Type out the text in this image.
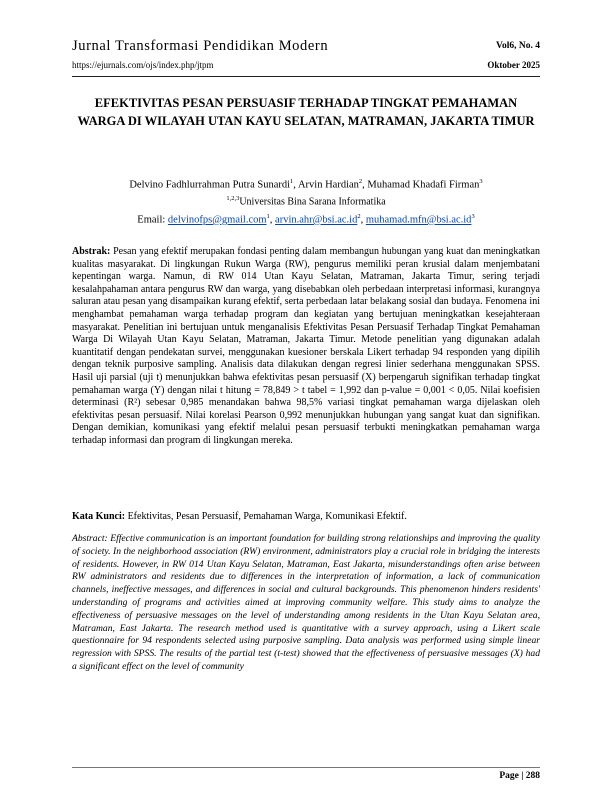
Jurnal Transformasi Pendidikan Modern	Vol6, No. 4
https://ejurnals.com/ojs/index.php/jtpm	Oktober 2025
EFEKTIVITAS PESAN PERSUASIF TERHADAP TINGKAT PEMAHAMAN WARGA DI WILAYAH UTAN KAYU SELATAN, MATRAMAN, JAKARTA TIMUR
Delvino Fadhlurrahman Putra Sunardi$^1$, Arvin Hardian$^2$, Muhamad Khadafi Firman$^3$
$^{1,2,3}$Universitas Bina Sarana Informatika
Email: delvinofps@gmail.com$^1$, $arvin.ahr@bsi.ac.id^2$, $muhamad.mfn@bsi.ac.id^3$
Abstrak: Pesan yang efektif merupakan fondasi penting dalam membangun hubungan yang kuat dan meningkatkan kualitas masyarakat. Di lingkungan Rukun Warga (RW), pengurus memiliki peran krusial dalam menjembatani kepentingan warga. Namun, di RW 014 Utan Kayu Selatan, Matraman, Jakarta Timur, sering terjadi kesalahpahaman antara pengurus RW dan warga, yang disebabkan oleh perbedaan interpretasi informasi, kurangnya saluran atau pesan yang disampaikan kurang efektif, serta perbedaan latar belakang sosial dan budaya. Fenomena ini menghambat pemahaman warga terhadap program dan kegiatan yang bertujuan meningkatkan kesejahteraan masyarakat. Penelitian ini bertujuan untuk menganalisis Efektivitas Pesan Persuasif Terhadap Tingkat Pemahaman Warga Di Wilayah Utan Kayu Selatan, Matraman, Jakarta Timur. Metode penelitian yang digunakan adalah kuantitatif dengan pendekatan survei, menggunakan kuesioner berskala Likert terhadap 94 responden yang dipilih dengan teknik purposive sampling. Analisis data dilakukan dengan regresi linier sederhana menggunakan SPSS. Hasil uji parsial (uji t) menunjukkan bahwa efektivitas pesan persuasif (X) berpengaruh signifikan terhadap tingkat pemahaman warga (Y) dengan nilai t hitung = 78,849 > t tabel = 1,992 dan p-value = 0,001 < 0,05. Nilai koefisien determinasi (R²) sebesar 0,985 menandakan bahwa 98,5% variasi tingkat pemahaman warga dijelaskan oleh efektivitas pesan persuasif. Nilai korelasi Pearson 0,992 menunjukkan hubungan yang sangat kuat dan signifikan. Dengan demikian, komunikasi yang efektif melalui pesan persuasif terbukti meningkatkan pemahaman warga terhadap informasi dan program di lingkungan mereka.
Kata Kunci: Efektivitas, Pesan Persuasif, Pemahaman Warga, Komunikasi Efektif.
Abstract: Effective communication is an important foundation for building strong relationships and improving the quality of society. In the neighborhood association (RW) environment, administrators play a crucial role in bridging the interests of residents. However, in RW 014 Utan Kayu Selatan, Matraman, East Jakarta, misunderstandings often arise between RW administrators and residents due to differences in the interpretation of information, a lack of communication channels, ineffective messages, and differences in social and cultural backgrounds. This phenomenon hinders residents' understanding of programs and activities aimed at improving community welfare. This study aims to analyze the effectiveness of persuasive messages on the level of understanding among residents in the Utan Kayu Selatan area, Matraman, East Jakarta. The research method used is quantitative with a survey approach, using a Likert scale questionnaire for 94 respondents selected using purposive sampling. Data analysis was performed using simple linear regression with SPSS. The results of the partial test (t-test) showed that the effectiveness of persuasive messages (X) had a significant effect on the level of community
Page | 288
